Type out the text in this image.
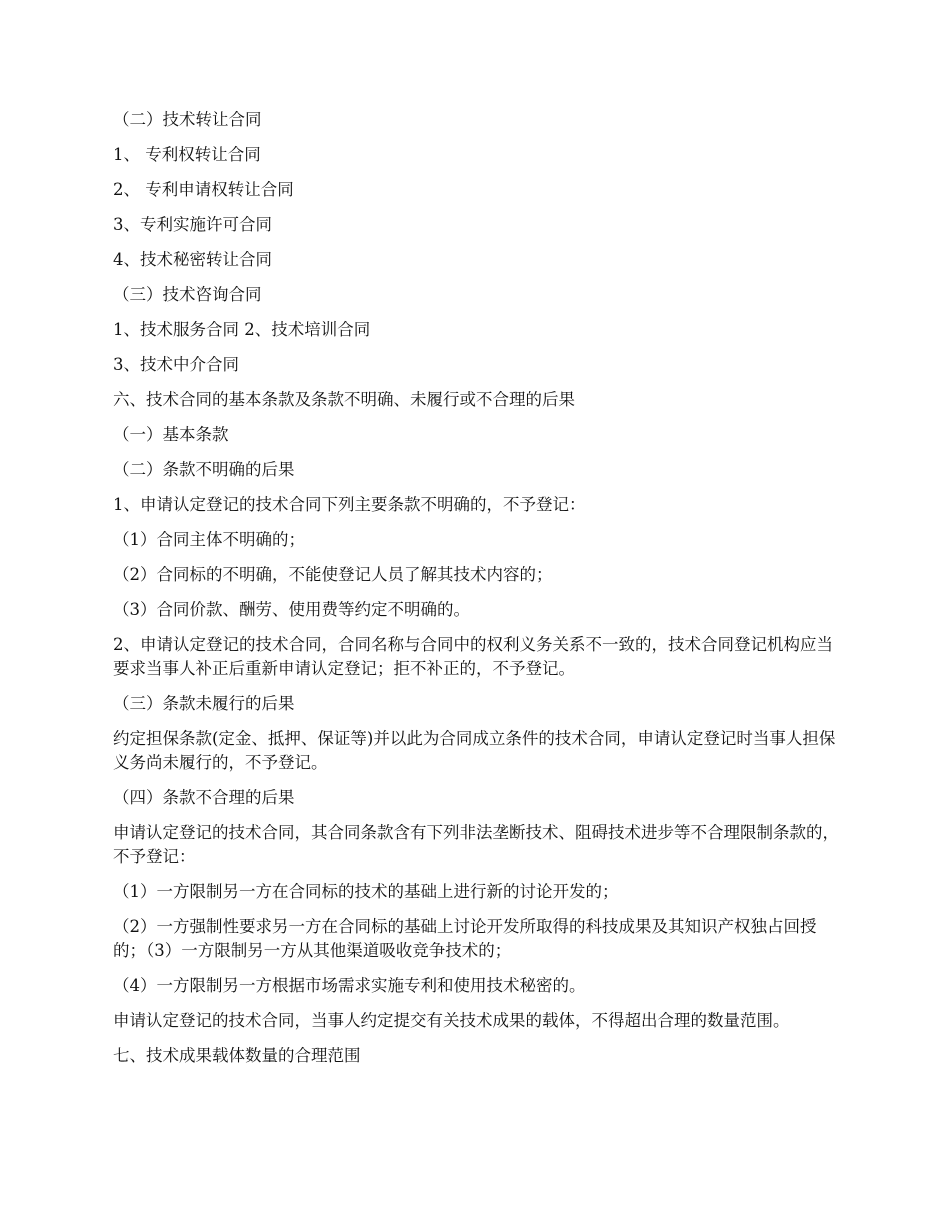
（二）技术转让合同

1、 专利权转让合同

2、 专利申请权转让合同

3、专利实施许可合同

4、技术秘密转让合同

（三）技术咨询合同

1、技术服务合同 2、技术培训合同

3、技术中介合同

六、技术合同的基本条款及条款不明确、未履行或不合理的后果

（一）基本条款

（二）条款不明确的后果

1、申请认定登记的技术合同下列主要条款不明确的，不予登记：

（1）合同主体不明确的；

（2）合同标的不明确，不能使登记人员了解其技术内容的；

（3）合同价款、酬劳、使用费等约定不明确的。

2、申请认定登记的技术合同，合同名称与合同中的权利义务关系不一致的，技术合同登记机构应当要求当事人补正后重新申请认定登记；拒不补正的，不予登记。

（三）条款未履行的后果

约定担保条款(定金、抵押、保证等)并以此为合同成立条件的技术合同，申请认定登记时当事人担保义务尚未履行的，不予登记。

（四）条款不合理的后果

申请认定登记的技术合同，其合同条款含有下列非法垄断技术、阻碍技术进步等不合理限制条款的，不予登记：

（1）一方限制另一方在合同标的技术的基础上进行新的讨论开发的；

（2）一方强制性要求另一方在合同标的基础上讨论开发所取得的科技成果及其知识产权独占回授的；（3）一方限制另一方从其他渠道吸收竞争技术的；

（4）一方限制另一方根据市场需求实施专利和使用技术秘密的。

申请认定登记的技术合同，当事人约定提交有关技术成果的载体，不得超出合理的数量范围。

七、技术成果载体数量的合理范围
